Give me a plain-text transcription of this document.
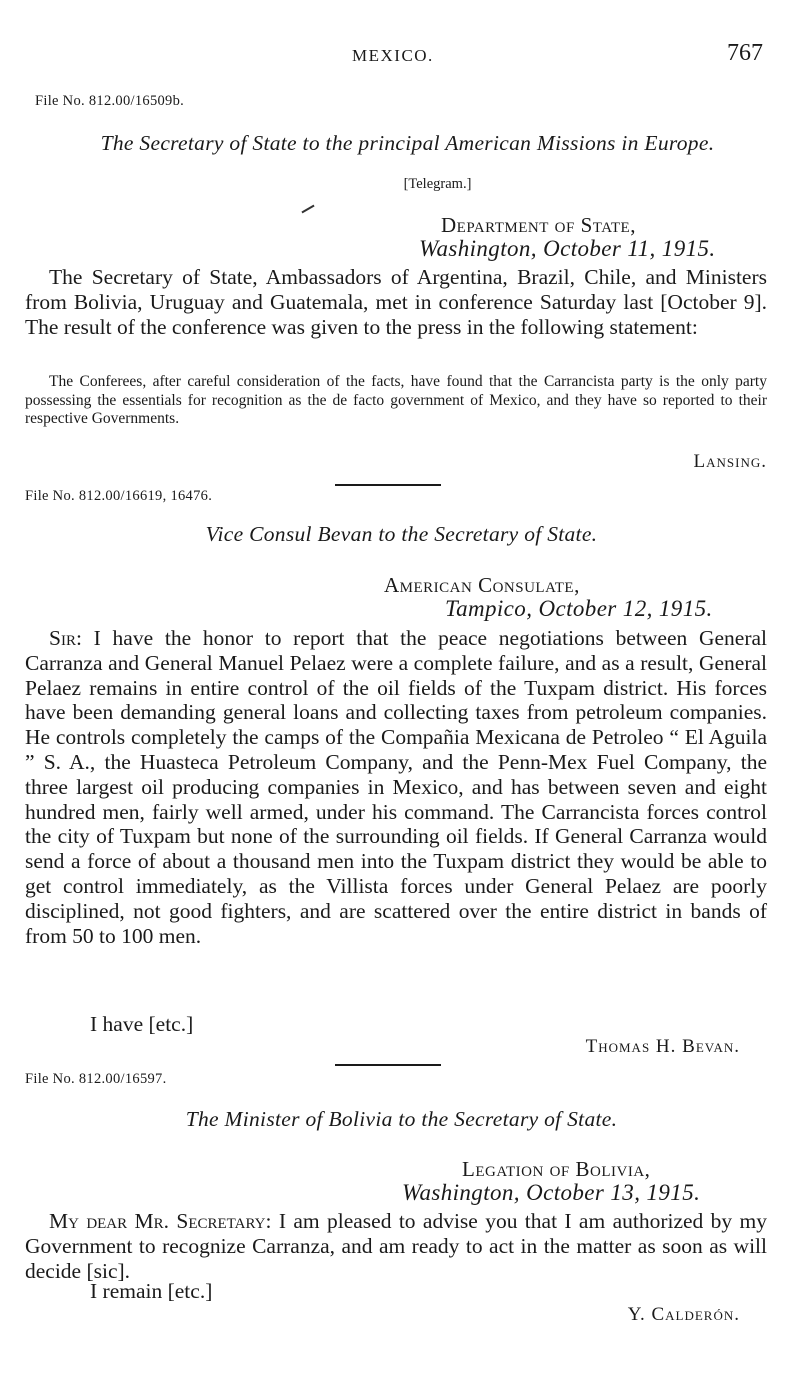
MEXICO.	767
File No. 812.00/16509b.
The Secretary of State to the principal American Missions in Europe.
[Telegram.]
Department of State,
Washington, October 11, 1915.

The Secretary of State, Ambassadors of Argentina, Brazil, Chile, and Ministers from Bolivia, Uruguay and Guatemala, met in conference Saturday last [October 9]. The result of the conference was given to the press in the following statement:

The Conferees, after careful consideration of the facts, have found that the Carrancista party is the only party possessing the essentials for recognition as the de facto government of Mexico, and they have so reported to their respective Governments.

Lansing.
File No. 812.00/16619, 16476.
Vice Consul Bevan to the Secretary of State.
American Consulate,
Tampico, October 12, 1915.

Sir: I have the honor to report that the peace negotiations between General Carranza and General Manuel Pelaez were a complete failure, and as a result, General Pelaez remains in entire control of the oil fields of the Tuxpam district. His forces have been demanding general loans and collecting taxes from petroleum companies. He controls completely the camps of the Compañia Mexicana de Petroleo “ El Aguila ” S. A., the Huasteca Petroleum Company, and the Penn-Mex Fuel Company, the three largest oil producing companies in Mexico, and has between seven and eight hundred men, fairly well armed, under his command. The Carrancista forces control the city of Tuxpam but none of the surrounding oil fields. If General Carranza would send a force of about a thousand men into the Tuxpam district they would be able to get control immediately, as the Villista forces under General Pelaez are poorly disciplined, not good fighters, and are scattered over the entire district in bands of from 50 to 100 men.

I have [etc.]
Thomas H. Bevan.
File No. 812.00/16597.
The Minister of Bolivia to the Secretary of State.
Legation of Bolivia,
Washington, October 13, 1915.

My dear Mr. Secretary: I am pleased to advise you that I am authorized by my Government to recognize Carranza, and am ready to act in the matter as soon as will decide [sic].

I remain [etc.]
Y. Calderón.
